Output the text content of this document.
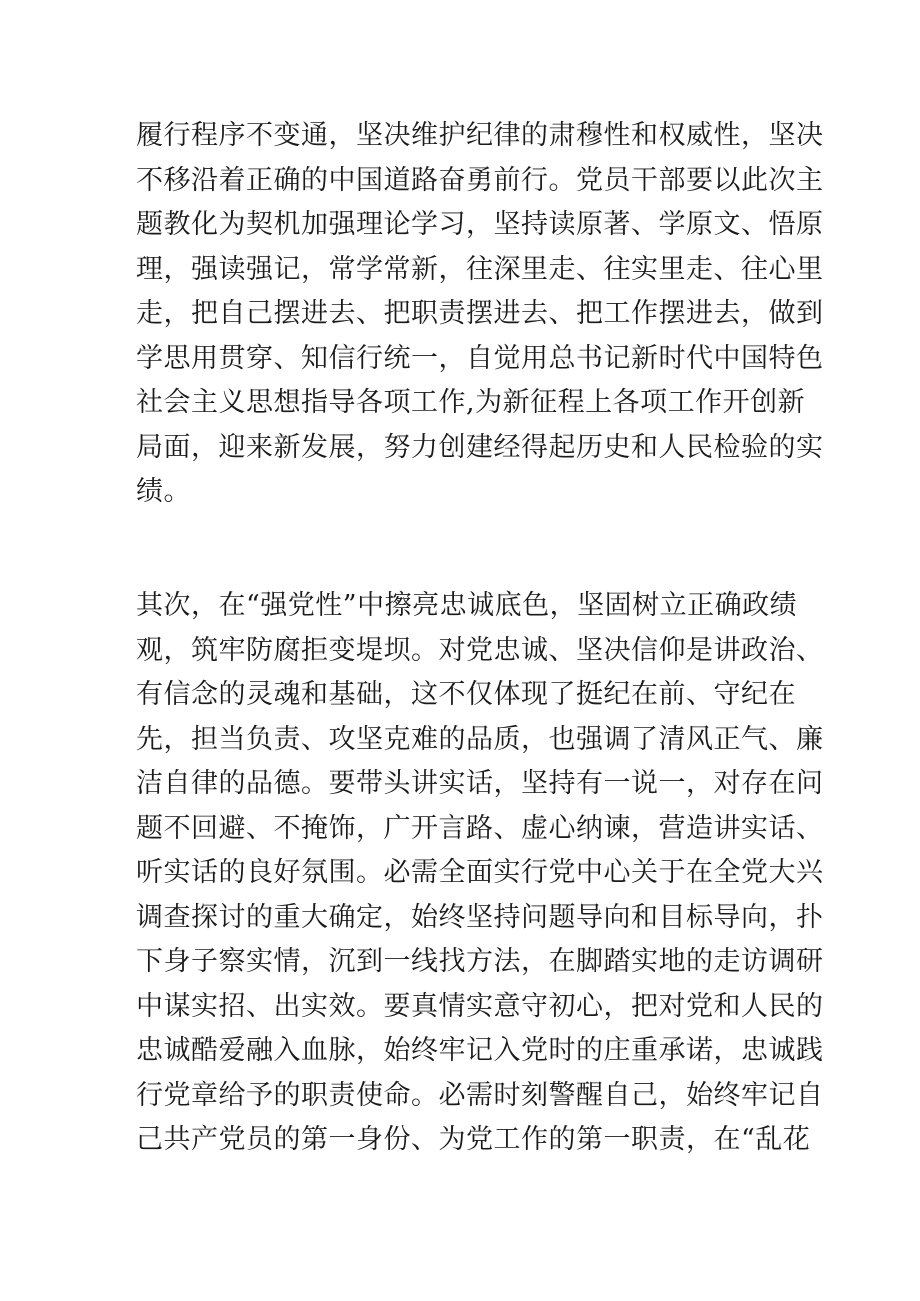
履行程序不变通，坚决维护纪律的肃穆性和权威性，坚决
不移沿着正确的中国道路奋勇前行。党员干部要以此次主
题教化为契机加强理论学习，坚持读原著、学原文、悟原
理，强读强记，常学常新，往深里走、往实里走、往心里
走，把自己摆进去、把职责摆进去、把工作摆进去，做到
学思用贯穿、知信行统一，自觉用总书记新时代中国特色
社会主义思想指导各项工作,为新征程上各项工作开创新
局面，迎来新发展，努力创建经得起历史和人民检验的实
绩。

其次，在“强党性”中擦亮忠诚底色，坚固树立正确政绩
观，筑牢防腐拒变堤坝。对党忠诚、坚决信仰是讲政治、
有信念的灵魂和基础，这不仅体现了挺纪在前、守纪在
先，担当负责、攻坚克难的品质，也强调了清风正气、廉
洁自律的品德。要带头讲实话，坚持有一说一，对存在问
题不回避、不掩饰，广开言路、虚心纳谏，营造讲实话、
听实话的良好氛围。必需全面实行党中心关于在全党大兴
调查探讨的重大确定，始终坚持问题导向和目标导向，扑
下身子察实情，沉到一线找方法，在脚踏实地的走访调研
中谋实招、出实效。要真情实意守初心，把对党和人民的
忠诚酷爱融入血脉，始终牢记入党时的庄重承诺，忠诚践
行党章给予的职责使命。必需时刻警醒自己，始终牢记自
己共产党员的第一身份、为党工作的第一职责，在“乱花
